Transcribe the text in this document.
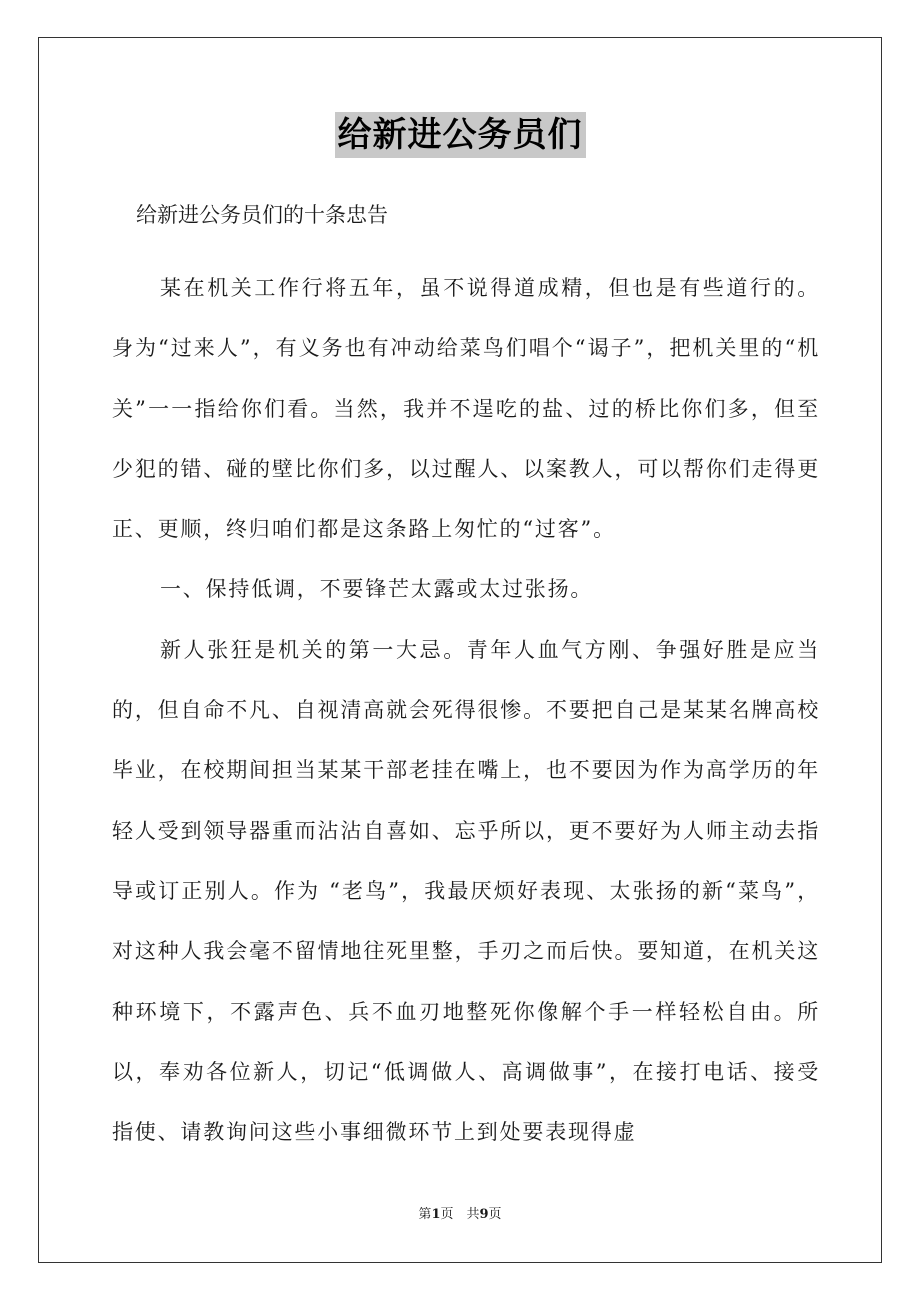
给新进公务员们
给新进公务员们的十条忠告

某在机关工作行将五年，虽不说得道成精，但也是有些道行的。身为“过来人”，有义务也有冲动给菜鸟们唱个“谒子”，把机关里的“机关”一一指给你们看。当然，我并不逞吃的盐、过的桥比你们多，但至少犯的错、碰的壁比你们多，以过醒人、以案教人，可以帮你们走得更正、更顺，终归咱们都是这条路上匆忙的“过客”。

一、保持低调，不要锋芒太露或太过张扬。

新人张狂是机关的第一大忌。青年人血气方刚、争强好胜是应当的，但自命不凡、自视清高就会死得很惨。不要把自己是某某名牌高校毕业，在校期间担当某某干部老挂在嘴上，也不要因为作为高学历的年轻人受到领导器重而沾沾自喜如、忘乎所以，更不要好为人师主动去指导或订正别人。作为 “老鸟”，我最厌烦好表现、太张扬的新“菜鸟”，对这种人我会毫不留情地往死里整，手刃之而后快。要知道，在机关这种环境下，不露声色、兵不血刃地整死你像解个手一样轻松自由。所以，奉劝各位新人，切记“低调做人、高调做事”，在接打电话、接受指使、请教询问这些小事细微环节上到处要表现得虚

第1页　共9页
